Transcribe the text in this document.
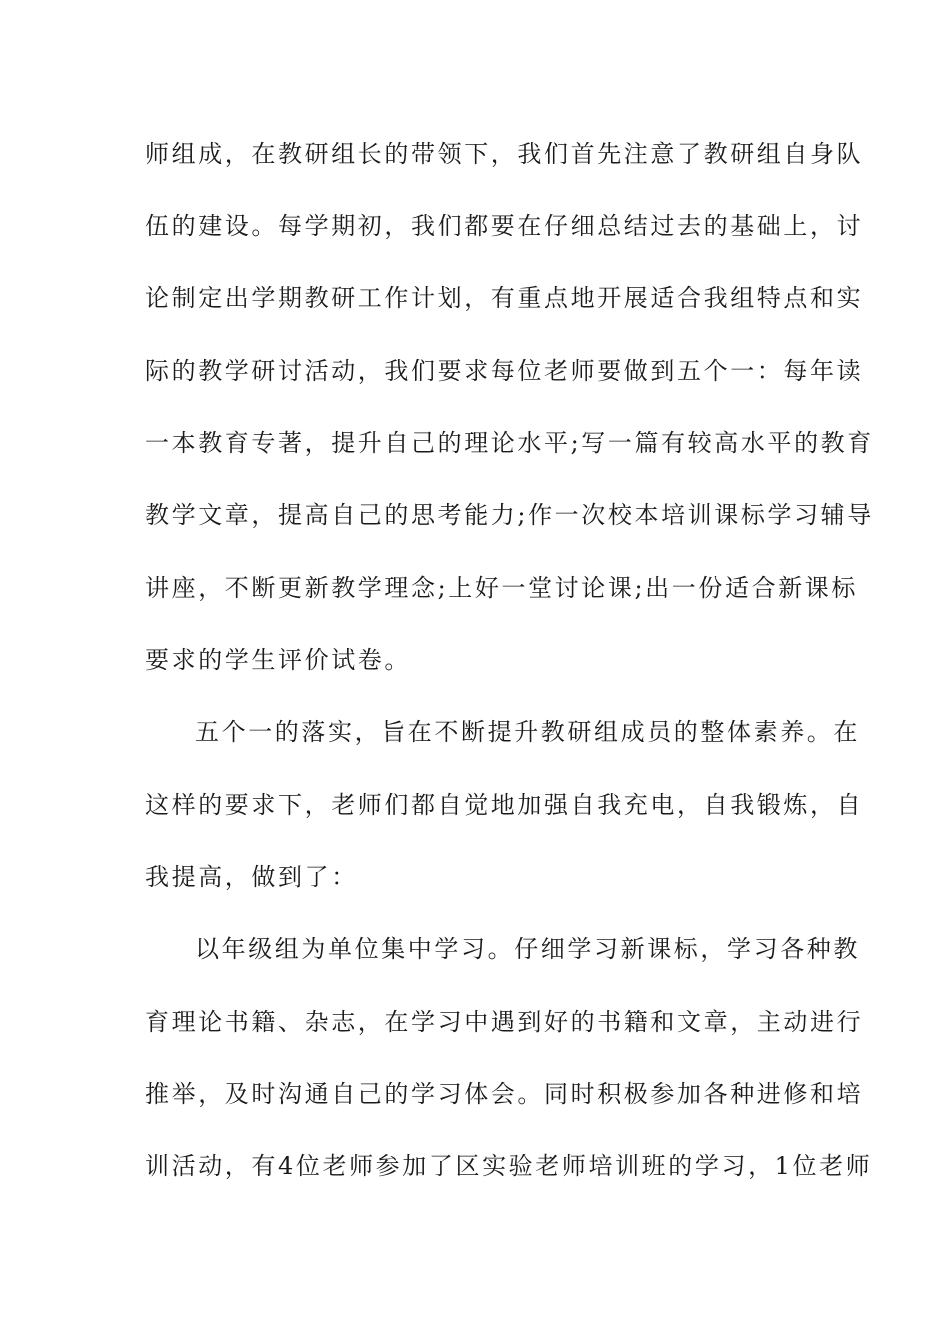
师组成，在教研组长的带领下，我们首先注意了教研组自身队
伍的建设。每学期初，我们都要在仔细总结过去的基础上，讨
论制定出学期教研工作计划，有重点地开展适合我组特点和实
际的教学研讨活动，我们要求每位老师要做到五个一：每年读
一本教育专著，提升自己的理论水平;写一篇有较高水平的教育
教学文章，提高自己的思考能力;作一次校本培训课标学习辅导
讲座，不断更新教学理念;上好一堂讨论课;出一份适合新课标
要求的学生评价试卷。
五个一的落实，旨在不断提升教研组成员的整体素养。在
这样的要求下，老师们都自觉地加强自我充电，自我锻炼，自
我提高，做到了：
以年级组为单位集中学习。仔细学习新课标，学习各种教
育理论书籍、杂志，在学习中遇到好的书籍和文章，主动进行
推举，及时沟通自己的学习体会。同时积极参加各种进修和培
训活动，有4位老师参加了区实验老师培训班的学习，1位老师
